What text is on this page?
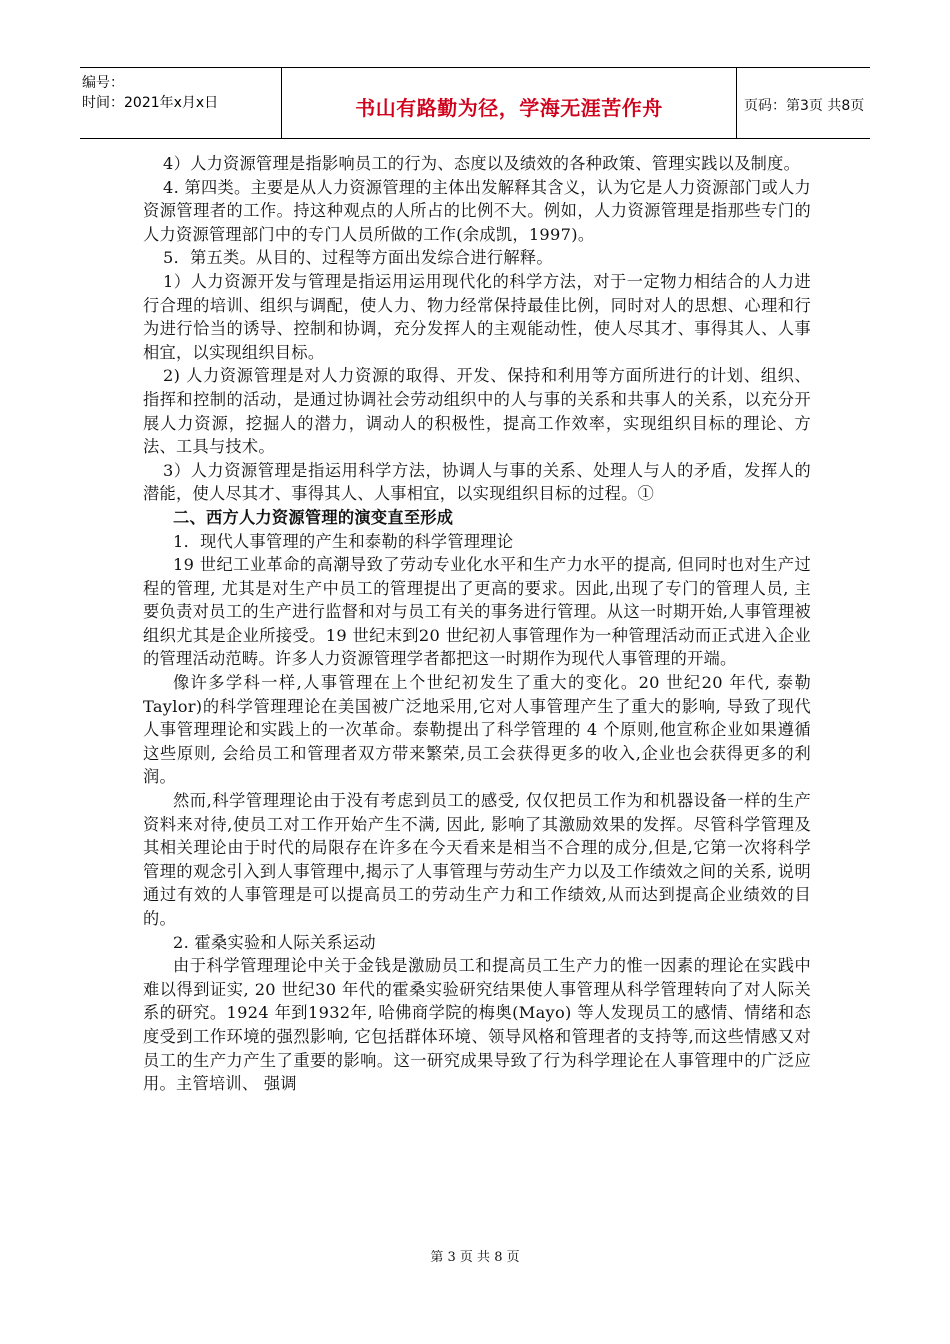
编号：
时间：2021年x月x日	书山有路勤为径，学海无涯苦作舟	页码：第3页 共8页

4）人力资源管理是指影响员工的行为、态度以及绩效的各种政策、管理实践以及制度。

4. 第四类。主要是从人力资源管理的主体出发解释其含义，认为它是人力资源部门或人力资源管理者的工作。持这种观点的人所占的比例不大。例如，人力资源管理是指那些专门的人力资源管理部门中的专门人员所做的工作(余成凯，1997)。

5．第五类。从目的、过程等方面出发综合进行解释。

1）人力资源开发与管理是指运用运用现代化的科学方法，对于一定物力相结合的人力进行合理的培训、组织与调配，使人力、物力经常保持最佳比例，同时对人的思想、心理和行为进行恰当的诱导、控制和协调，充分发挥人的主观能动性，使人尽其才、事得其人、人事相宜，以实现组织目标。

2) 人力资源管理是对人力资源的取得、开发、保持和利用等方面所进行的计划、组织、指挥和控制的活动，是通过协调社会劳动组织中的人与事的关系和共事人的关系，以充分开展人力资源，挖掘人的潜力，调动人的积极性，提高工作效率，实现组织目标的理论、方法、工具与技术。

3）人力资源管理是指运用科学方法，协调人与事的关系、处理人与人的矛盾，发挥人的潜能，使人尽其才、事得其人、人事相宜，以实现组织目标的过程。①

二、西方人力资源管理的演变直至形成

1．现代人事管理的产生和泰勒的科学管理理论

19 世纪工业革命的高潮导致了劳动专业化水平和生产力水平的提高, 但同时也对生产过程的管理, 尤其是对生产中员工的管理提出了更高的要求。因此,出现了专门的管理人员, 主要负责对员工的生产进行监督和对与员工有关的事务进行管理。从这一时期开始,人事管理被组织尤其是企业所接受。19 世纪末到20 世纪初人事管理作为一种管理活动而正式进入企业的管理活动范畴。许多人力资源管理学者都把这一时期作为现代人事管理的开端。

像许多学科一样,人事管理在上个世纪初发生了重大的变化。20 世纪20 年代, 泰勒Taylor)的科学管理理论在美国被广泛地采用,它对人事管理产生了重大的影响, 导致了现代人事管理理论和实践上的一次革命。泰勒提出了科学管理的 4 个原则,他宣称企业如果遵循这些原则, 会给员工和管理者双方带来繁荣,员工会获得更多的收入,企业也会获得更多的利润。

然而,科学管理理论由于没有考虑到员工的感受, 仅仅把员工作为和机器设备一样的生产资料来对待,使员工对工作开始产生不满, 因此, 影响了其激励效果的发挥。尽管科学管理及其相关理论由于时代的局限存在许多在今天看来是相当不合理的成分,但是,它第一次将科学管理的观念引入到人事管理中,揭示了人事管理与劳动生产力以及工作绩效之间的关系, 说明通过有效的人事管理是可以提高员工的劳动生产力和工作绩效,从而达到提高企业绩效的目的。

2. 霍桑实验和人际关系运动

由于科学管理理论中关于金钱是激励员工和提高员工生产力的惟一因素的理论在实践中难以得到证实, 20 世纪30 年代的霍桑实验研究结果使人事管理从科学管理转向了对人际关系的研究。1924 年到1932年, 哈佛商学院的梅奥(Mayo) 等人发现员工的感情、情绪和态度受到工作环境的强烈影响, 它包括群体环境、领导风格和管理者的支持等,而这些情感又对员工的生产力产生了重要的影响。这一研究成果导致了行为科学理论在人事管理中的广泛应用。主管培训、 强调

第 3 页 共 8 页
